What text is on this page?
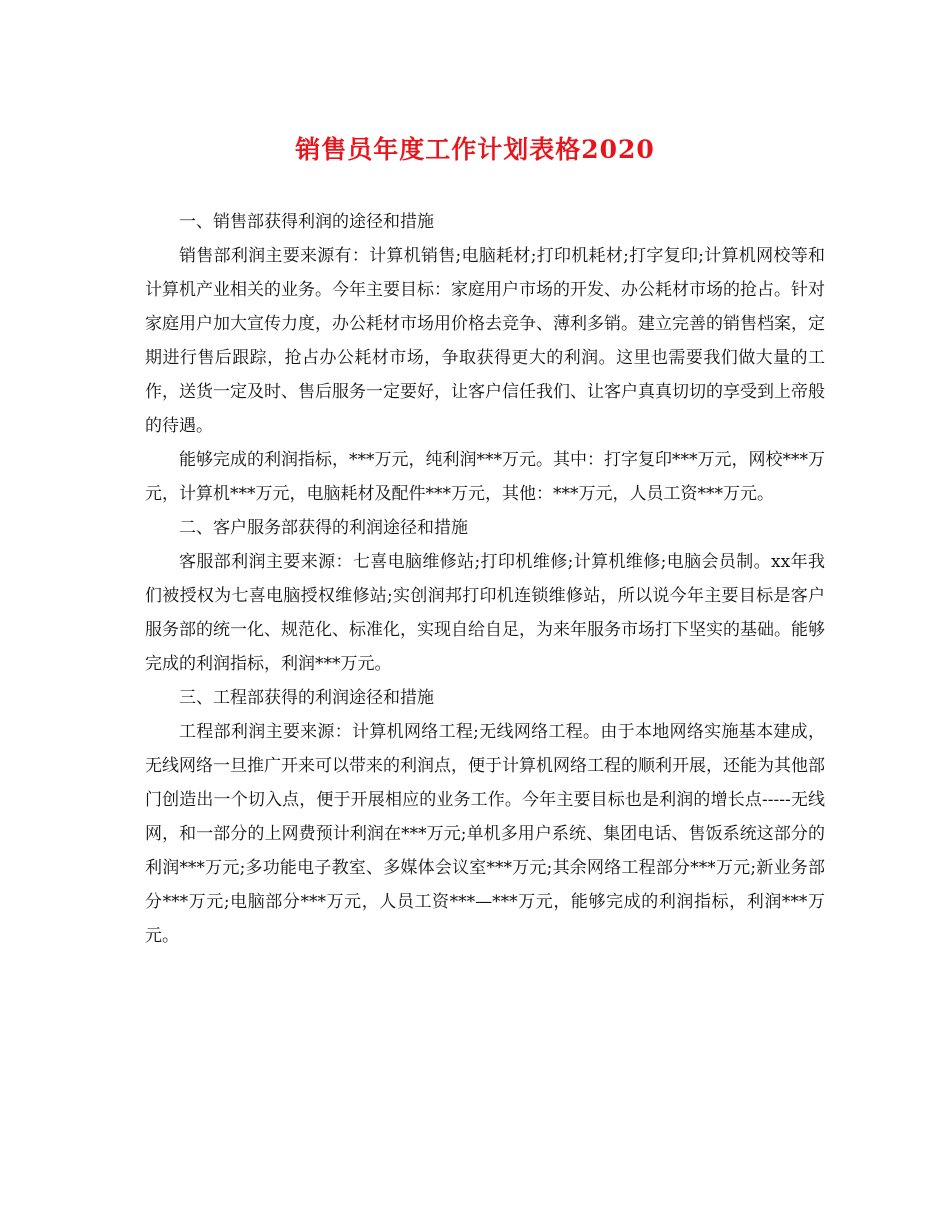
销售员年度工作计划表格2020

一、销售部获得利润的途径和措施

销售部利润主要来源有：计算机销售;电脑耗材;打印机耗材;打字复印;计算机网校等和计算机产业相关的业务。今年主要目标：家庭用户市场的开发、办公耗材市场的抢占。针对家庭用户加大宣传力度，办公耗材市场用价格去竞争、薄利多销。建立完善的销售档案，定期进行售后跟踪，抢占办公耗材市场，争取获得更大的利润。这里也需要我们做大量的工作，送货一定及时、售后服务一定要好，让客户信任我们、让客户真真切切的享受到上帝般的待遇。

能够完成的利润指标，***万元，纯利润***万元。其中：打字复印***万元，网校***万元，计算机***万元，电脑耗材及配件***万元，其他：***万元，人员工资***万元。

二、客户服务部获得的利润途径和措施

客服部利润主要来源：七喜电脑维修站;打印机维修;计算机维修;电脑会员制。xx年我们被授权为七喜电脑授权维修站;实创润邦打印机连锁维修站，所以说今年主要目标是客户服务部的统一化、规范化、标准化，实现自给自足，为来年服务市场打下坚实的基础。能够完成的利润指标，利润***万元。

三、工程部获得的利润途径和措施

工程部利润主要来源：计算机网络工程;无线网络工程。由于本地网络实施基本建成，无线网络一旦推广开来可以带来的利润点，便于计算机网络工程的顺利开展，还能为其他部门创造出一个切入点，便于开展相应的业务工作。今年主要目标也是利润的增长点-----无线网，和一部分的上网费预计利润在***万元;单机多用户系统、集团电话、售饭系统这部分的利润***万元;多功能电子教室、多媒体会议室***万元;其余网络工程部分***万元;新业务部分***万元;电脑部分***万元，人员工资***—***万元，能够完成的利润指标，利润***万元。
